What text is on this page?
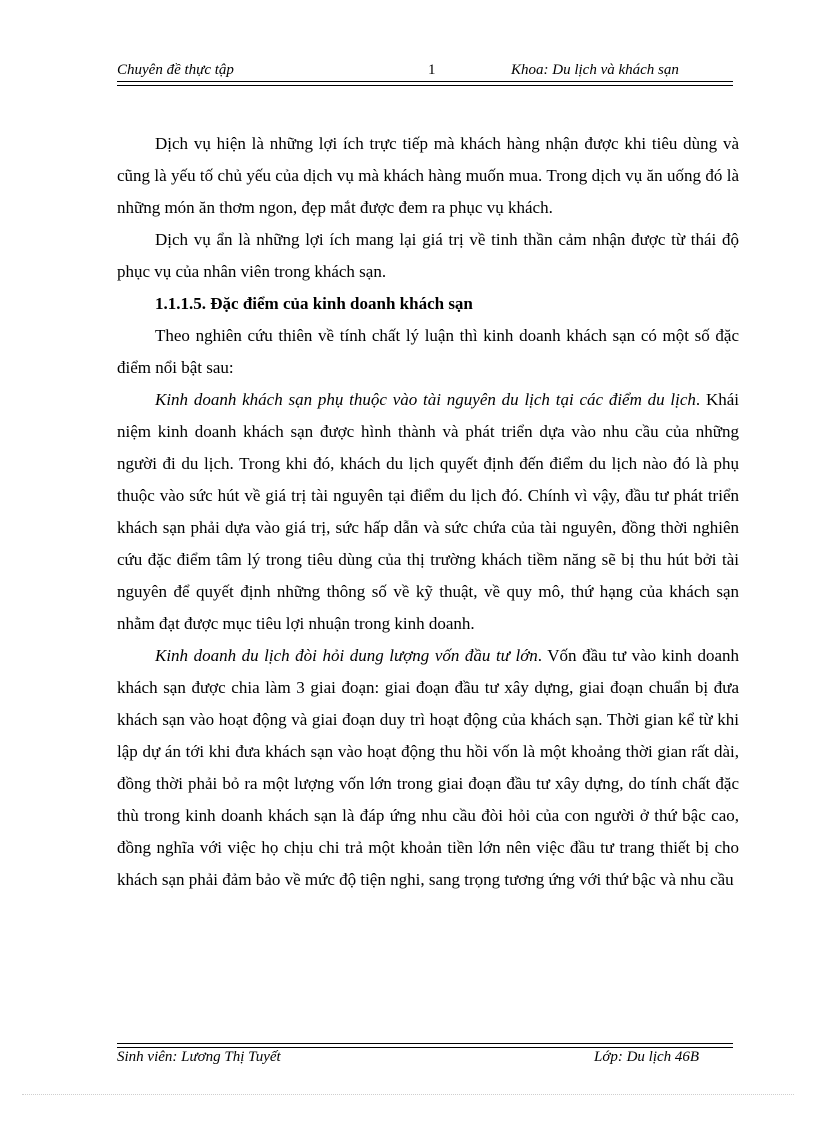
Chuyên đề thực tập	1	Khoa: Du lịch và khách sạn

Dịch vụ hiện là những lợi ích trực tiếp mà khách hàng nhận được khi tiêu dùng và cũng là yếu tố chủ yếu của dịch vụ mà khách hàng muốn mua. Trong dịch vụ ăn uống đó là những món ăn thơm ngon, đẹp mắt được đem ra phục vụ khách.

Dịch vụ ẩn là những lợi ích mang lại giá trị về tinh thần cảm nhận được từ thái độ phục vụ của nhân viên trong khách sạn.

1.1.1.5. Đặc điểm của kinh doanh khách sạn

Theo nghiên cứu thiên về tính chất lý luận thì kinh doanh khách sạn có một số đặc điểm nổi bật sau:

Kinh doanh khách sạn phụ thuộc vào tài nguyên du lịch tại các điểm du lịch. Khái niệm kinh doanh khách sạn được hình thành và phát triển dựa vào nhu cầu của những người đi du lịch. Trong khi đó, khách du lịch quyết định đến điểm du lịch nào đó là phụ thuộc vào sức hút về giá trị tài nguyên tại điểm du lịch đó. Chính vì vậy, đầu tư phát triển khách sạn phải dựa vào giá trị, sức hấp dẫn và sức chứa của tài nguyên, đồng thời nghiên cứu đặc điểm tâm lý trong tiêu dùng của thị trường khách tiềm năng sẽ bị thu hút bởi tài nguyên để quyết định những thông số về kỹ thuật, về quy mô, thứ hạng của khách sạn nhằm đạt được mục tiêu lợi nhuận trong kinh doanh.

Kinh doanh du lịch đòi hỏi dung lượng vốn đầu tư lớn. Vốn đầu tư vào kinh doanh khách sạn được chia làm 3 giai đoạn: giai đoạn đầu tư xây dựng, giai đoạn chuẩn bị đưa khách sạn vào hoạt động và giai đoạn duy trì hoạt động của khách sạn. Thời gian kể từ khi lập dự án tới khi đưa khách sạn vào hoạt động thu hồi vốn là một khoảng thời gian rất dài, đồng thời phải bỏ ra một lượng vốn lớn trong giai đoạn đầu tư xây dựng, do tính chất đặc thù trong kinh doanh khách sạn là đáp ứng nhu cầu đòi hỏi của con người ở thứ bậc cao, đồng nghĩa với việc họ chịu chi trả một khoản tiền lớn nên việc đầu tư trang thiết bị cho khách sạn phải đảm bảo về mức độ tiện nghi, sang trọng tương ứng với thứ bậc và nhu cầu

Sinh viên: Lương Thị Tuyết	Lớp: Du lịch 46B
